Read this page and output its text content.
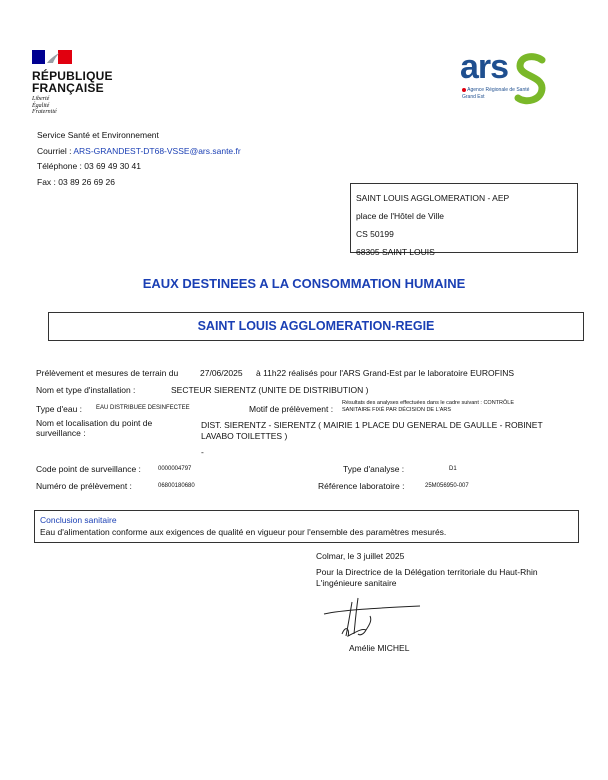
RÉPUBLIQUE
FRANÇAISE
Liberté
Égalité
Fraternité
ars
Agence Régionale de Santé
Grand Est
Service Santé et Environnement
Courriel : ARS-GRANDEST-DT68-VSSE@ars.sante.fr
Téléphone : 03 69 49 30 41
Fax : 03 89 26 69 26
SAINT LOUIS AGGLOMERATION - AEP
place de l'Hôtel de Ville
CS 50199
68305 SAINT LOUIS
EAUX DESTINEES A LA CONSOMMATION HUMAINE
SAINT LOUIS AGGLOMERATION-REGIE
Prélèvement et mesures de terrain du	27/06/2025 à 11h22 réalisés pour l'ARS Grand-Est par le laboratoire EUROFINS
Nom et type d'installation :	SECTEUR SIERENTZ (UNITE DE DISTRIBUTION )
Type d'eau : EAU DISTRIBUEE DESINFECTEE	Motif de prélèvement :
Résultats des analyses effectuées dans le cadre suivant : CONTRÔLE
SANITAIRE FIXÉ PAR DÉCISION DE L'ARS
Nom et localisation du point de
surveillance :
DIST. SIERENTZ - SIERENTZ ( MAIRIE 1 PLACE DU GENERAL DE GAULLE - ROBINET
LAVABO TOILETTES )
-
Code point de surveillance :	0000004797	Type d'analyse :	D1
Numéro de prélèvement :	06800180680	Référence laboratoire :	25M056950-007
Conclusion sanitaire
Eau d'alimentation conforme aux exigences de qualité en vigueur pour l'ensemble des paramètres mesurés.
Colmar, le 3 juillet 2025
Pour la Directrice de la Délégation territoriale du Haut-Rhin
L'ingénieure sanitaire
Amélie MICHEL
